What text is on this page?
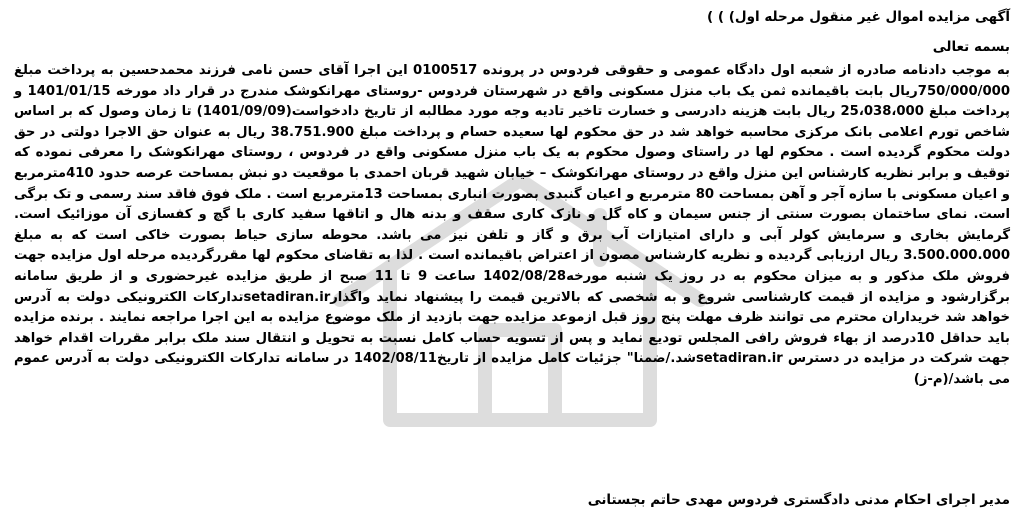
آگهی مزایده اموال غیر منقول مرحله اول) ) )
بسمه تعالی

به موجب دادنامه صادره از شعبه اول دادگاه عمومی و حقوقی فردوس در پرونده 0100517 این اجرا آقای حسن نامی فرزند محمدحسین به پرداخت مبلغ 750/000/000ریال بابت باقیمانده ثمن یک باب منزل مسکونی واقع در شهرستان فردوس -روستای مهرانکوشک مندرج در قرار داد مورخه 1401/01/15 و پرداخت مبلغ 25،038،000 ریال بابت هزینه دادرسی و خسارت تاخیر تادیه وجه مورد مطالبه از تاریخ دادخواست(1401/09/09) تا زمان وصول که بر اساس شاخص تورم اعلامی بانک مرکزی محاسبه خواهد شد در حق محکوم لها سعیده حسام و پرداخت مبلغ 38.751.900 ریال به عنوان حق الاجرا دولتی در حق دولت محکوم گردیده است . محکوم لها در راستای وصول محکوم به یک باب منزل مسکونی واقع در فردوس ، روستای مهرانکوشک را معرفی نموده که توقیف و برابر نظریه کارشناس این منزل واقع در روستای مهرانکوشک – خیابان شهید قربان احمدی با موقعیت دو نبش بمساحت عرصه حدود 410مترمربع و اعیان مسکونی با سازه آجر و آهن بمساحت 80 مترمربع و اعیان گنبدی بصورت انباری بمساحت 13مترمربع است . ملک فوق فاقد سند رسمی و تک برگی است. نمای ساختمان بصورت سنتی از جنس سیمان و کاه گل و نازک کاری سقف و بدنه هال و اتاقها سفید کاری با گچ و کفسازی آن موزائیک است. گرمایش بخاری و سرمایش کولر آبی و دارای امتیازات آب برق و گاز و تلفن نیز می باشد. محوطه سازی حیاط بصورت خاکی است که به مبلغ 3.500.000.000 ریال ارزیابی گردیده و نظریه کارشناس مصون از اعتراض باقیمانده است . لذا به تقاضای محکوم لها مقررگردیده مرحله اول مزایده جهت فروش ملک مذکور و به میزان محکوم به در روز یک شنبه مورخه1402/08/28 ساعت 9 تا 11 صبح از طریق مزایده غیرحضوری و از طریق سامانه برگزارشود و مزایده از قیمت کارشناسی شروع و به شخصی که بالاترین قیمت را پیشنهاد نماید واگذارsetadiran.irتدارکات الکترونیکی دولت به آدرس خواهد شد خریداران محترم می توانند ظرف مهلت پنج روز قبل ازموعد مزایده جهت بازدید از ملک موضوع مزایده به این اجرا مراجعه نمایند . برنده مزایده باید حداقل 10درصد از بهاء فروش رافی المجلس تودیع نماید و پس از تسویه حساب کامل نسبت به تحویل و انتقال سند ملک برابر مقررات اقدام خواهد جهت شرکت در مزایده در دسترس setadiran.irشد./ضمنا" جزئیات کامل مزایده از تاریخ1402/08/11 در سامانه تدارکات الکترونیکی دولت به آدرس عموم می باشد/(م-ز)

مدیر اجرای احکام مدنی دادگستری فردوس مهدی حاتم بجستانی
